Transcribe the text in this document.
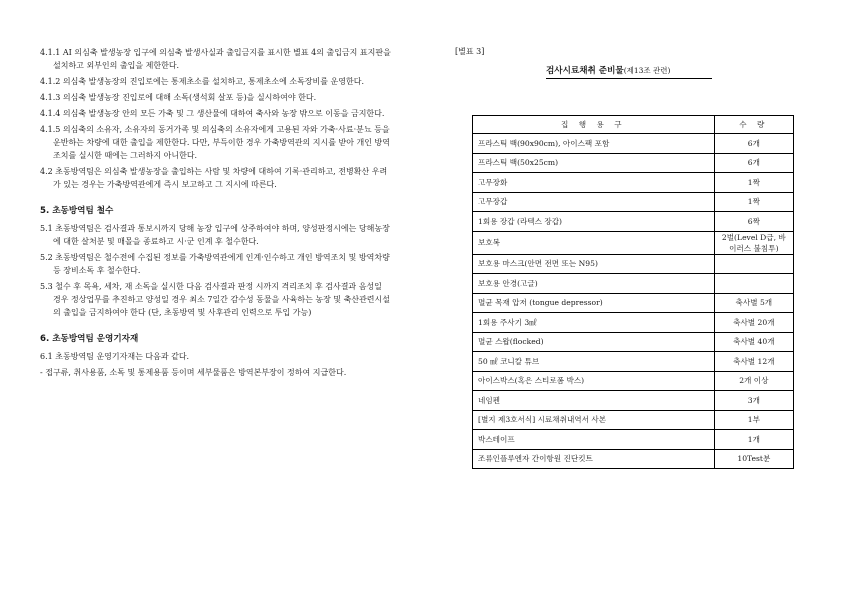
4.1.1 AI 의심축 발생농장 입구에 의심축 발생사실과 출입금지를 표시한 별표 4의 출입금지 표지판을 설치하고 외부인의 출입을 제한한다.

4.1.2 의심축 발생농장의 진입로에는 통제초소를 설치하고, 통제초소에 소독장비를 운영한다.

4.1.3 의심축 발생농장 진입로에 대해 소독(생석회 살포 등)을 실시하여야 한다.

4.1.4 의심축 발생농장 안의 모든 가축 및 그 생산물에 대하여 축사와 농장 밖으로 이동을 금지한다.

4.1.5 의심축의 소유자, 소유자의 동거가족 및 의심축의 소유자에게 고용된 자와 가축·사료·분뇨 등을 운반하는 차량에 대한 출입을 제한한다. 다만, 부득이한 경우 가축방역관의 지시를 받아 개인 방역조치를 실시한 때에는 그러하지 아니한다.

4.2 초동방역팀은 의심축 발생농장을 출입하는 사람 및 차량에 대하여 기록·관리하고, 전병확산 우려가 있는 경우는 가축방역관에게 즉시 보고하고 그 지시에 따른다.

5. 초동방역팀 철수

5.1 초동방역팀은 검사결과 통보시까지 당해 농장 입구에 상주하여야 하며, 양성판정시에는 당해농장에 대한 살처분 및 매몰을 종료하고 시·군 인계 후 철수한다.

5.2 초동방역팀은 철수전에 수집된 정보를 가축방역관에게 인계·인수하고 개인 방역조치 및 방역차량 등 장비소독 후 철수한다.

5.3 철수 후 목욕, 세차, 재 소독을 실시한 다음 검사결과 판정 시까지 격리조치 후 검사결과 음성일 경우 정상업무를 추진하고 양성일 경우 최소 7일간 감수성 동물을 사육하는 농장 및 축산관련시설의 출입을 금지하여야 한다 (단, 초동방역 및 사후관리 인력으로 투입 가능)

6. 초동방역팀 운영기자재

6.1 초동방역팀 운영기자재는 다음과 같다.

- 접구류, 취사용품, 소독 및 통제용품 등이며 세부물품은 방역본부장이 정하여 지급한다.

[별표 3]
검사시료채취 준비물(제13조 관련)
집 행 용 구	수 량
프라스틱 백(90x90cm), 아이스팩 포함	6개
프라스틱 백(50x25cm)	6개
고무장화	1짝
고무장갑	1짝
1회용 장갑 (라텍스 장갑)	6짝
보호복	2벌(Level D급, 바이러스 불침투)
보호용 마스크(안면 전면 또는 N95)	
보호용 안경(고글)	
멸균 목재 압저 (tongue depressor)	축사별 5개
1회용 주사기 3㎖	축사별 20개
멸균 스왑(flocked)	축사별 40개
50 ㎖ 코니칼 튜브	축사별 12개
아이스박스(혹은 스티로폼 박스)	2개 이상
네임펜	3개
[별지 제3호서식] 시료채취내역서 사본	1부
박스테이프	1개
조류인플루엔자 간이항원 진단킷트	10Test분
